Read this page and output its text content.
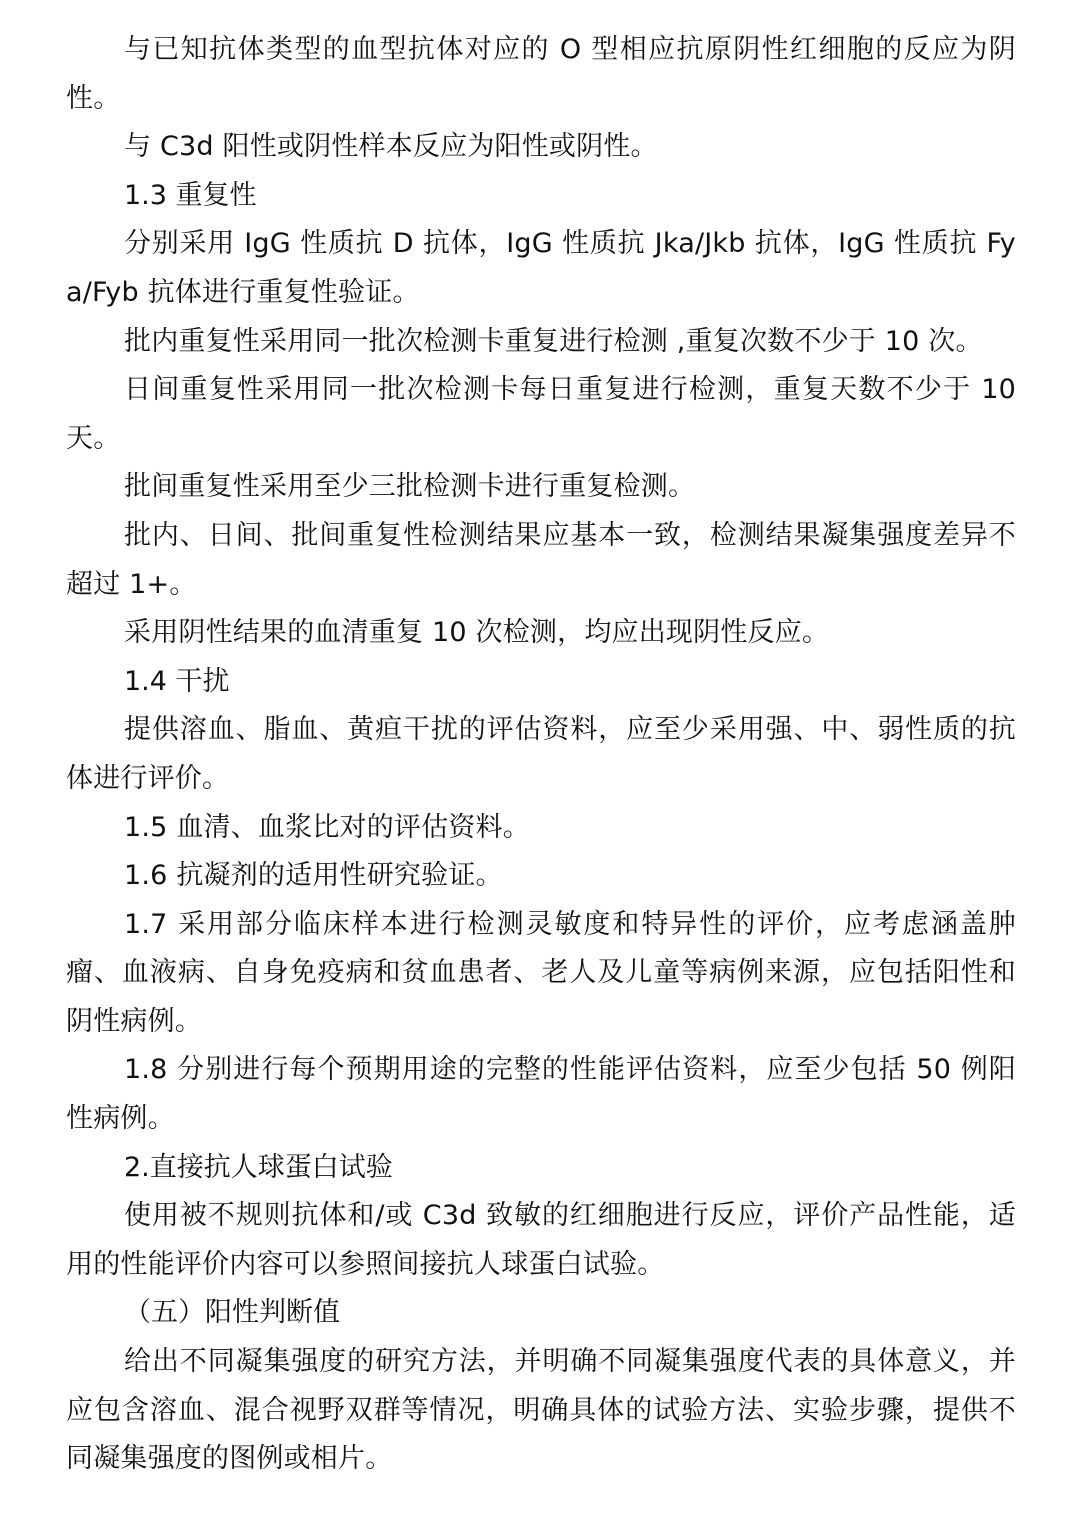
与已知抗体类型的血型抗体对应的 O 型相应抗原阴性红细胞的反应为阴性。

与 C3d 阳性或阴性样本反应为阳性或阴性。

1.3 重复性

分别采用 IgG 性质抗 D 抗体，IgG 性质抗 Jka/Jkb 抗体，IgG 性质抗 Fya/Fyb 抗体进行重复性验证。

批内重复性采用同一批次检测卡重复进行检测 ,重复次数不少于 10 次。

日间重复性采用同一批次检测卡每日重复进行检测，重复天数不少于 10 天。

批间重复性采用至少三批检测卡进行重复检测。

批内、日间、批间重复性检测结果应基本一致，检测结果凝集强度差异不超过 1+。

采用阴性结果的血清重复 10 次检测，均应出现阴性反应。

1.4 干扰

提供溶血、脂血、黄疸干扰的评估资料，应至少采用强、中、弱性质的抗体进行评价。

1.5 血清、血浆比对的评估资料。

1.6 抗凝剂的适用性研究验证。

1.7 采用部分临床样本进行检测灵敏度和特异性的评价，应考虑涵盖肿瘤、血液病、自身免疫病和贫血患者、老人及儿童等病例来源，应包括阳性和阴性病例。

1.8 分别进行每个预期用途的完整的性能评估资料，应至少包括 50 例阳性病例。

2.直接抗人球蛋白试验

使用被不规则抗体和/或 C3d 致敏的红细胞进行反应，评价产品性能，适用的性能评价内容可以参照间接抗人球蛋白试验。

（五）阳性判断值

给出不同凝集强度的研究方法，并明确不同凝集强度代表的具体意义，并应包含溶血、混合视野双群等情况，明确具体的试验方法、实验步骤，提供不同凝集强度的图例或相片。
